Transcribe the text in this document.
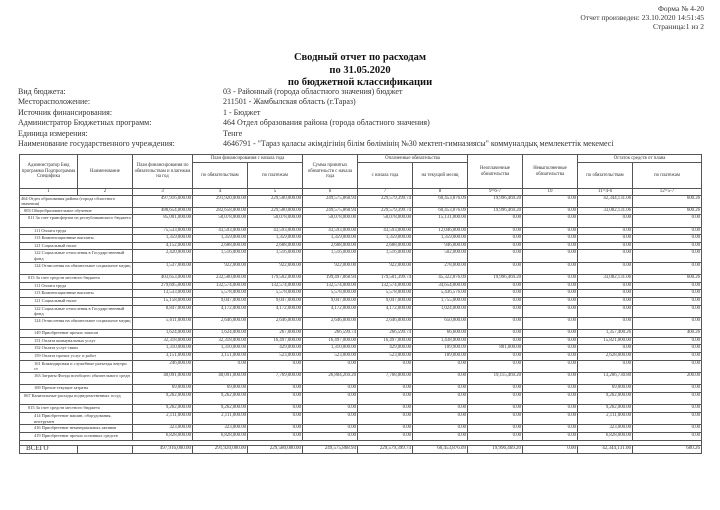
Форма № 4-20
Отчет произведен: 23.10.2020 14:51:45
Страница:1 из 2
Сводный отчет по расходам
по 31.05.2020
по бюджетной классификации
Вид бюджета:	03 - Районный (города областного значения) бюджет
Месторасположение:	211501 - Жамбылская область (г.Тараз)
Источник финансирования:	1 - Бюджет
Администратор Бюджетных программ:	464 Отдел образования района (города областного значения)
Единица измерения:	Тенге
Наименование государственного учреждения:	4646791 - "Тараз қаласы әкімдігінің білім бөлімінің №30 мектеп-гимназиясы" коммуналдық мемлекеттік мекемесі
Администратор Бюд программа Подпрограмма Спецификa	Наименование	План финансирования по обязательствам и платежам на год	План финансирования с начала года		Сумма принятых обязательств с начала года	Оплаченные обязательства		Неоплаченные обязательства	Невыполненные обязательства	Остаток средств от плана	
			по обязательствам	по платежам		с начала года	на текущий месяц			по обязательствам	по платежам
1	2	3	4	5	6	7	8	9=6-7	10	11=4-6	12=5-7
464 Отдел образования района (города областного значения)		497,916,000.00	291,920,000.00	229,580,000.00	249,575,868.94	229,579,399.74	60,453,876.09	19,996,469.20	0.00	42,344,131.06	600.26
003 Общеобразовательное обучение		488,654,000.00	282,658,000.00	229,580,000.00	249,575,868.94	229,579,399.74	60,453,876.09	19,996,469.20	0.00	33,082,131.06	600.26
011 За счет трансфертов из республиканского бюджета		85,001,000.00	50,078,000.00	50,078,000.00	50,078,000.00	50,078,000.00	15,131,000.00	0.00	0.00	0.00	0.00
111 Оплата труда		75,533,000.00	43,593,000.00	43,593,000.00	43,593,000.00	43,593,000.00	12,046,000.00	0.00	0.00	0.00	0.00
113 Компенсационные выплаты		1,359,000.00	1,359,000.00	1,359,000.00	1,359,000.00	1,359,000.00	1,359,000.00	0.00	0.00	0.00	0.00
121 Социальный налог		4,152,000.00	2,688,000.00	2,688,000.00	2,688,000.00	2,688,000.00	946,000.00	0.00	0.00	0.00	0.00
122 Социальные отчисления в Государственный фонд		2,420,000.00	1,516,000.00	1,516,000.00	1,516,000.00	1,516,000.00	502,000.00	0.00	0.00	0.00	0.00
124 Отчисления на обязательное социальное медиц		1,537,000.00	922,000.00	922,000.00	922,000.00	922,000.00	278,000.00	0.00	0.00	0.00	0.00
015 За счет средств местного бюджета		403,653,000.00	232,580,000.00	179,502,000.00	199,497,868.94	179,501,399.74	45,322,876.09	19,996,469.20	0.00	33,082,131.06	600.26
111 Оплата труда		279,695,000.00	132,574,000.00	132,574,000.00	132,574,000.00	132,574,000.00	34,654,000.00	0.00	0.00	0.00	0.00
113 Компенсационные выплаты		13,533,000.00	5,578,000.00	5,578,000.00	5,578,000.00	5,578,000.00	5,436,576.00	0.00	0.00	0.00	0.00
121 Социальный налог		15,158,000.00	9,047,000.00	9,047,000.00	9,047,000.00	9,047,000.00	1,755,000.00	0.00	0.00	0.00	0.00
122 Социальные отчисления в Государственный фонд		8,847,000.00	4,172,000.00	4,172,000.00	4,172,000.00	4,172,000.00	1,024,000.00	0.00	0.00	0.00	0.00
124 Отчисления на обязательное социальное медиц		5,611,000.00	2,646,000.00	2,646,000.00	2,646,000.00	2,646,000.00	650,000.00	0.00	0.00	0.00	0.00
149 Приобретение прочих запасов		1,624,000.00	1,624,000.00	267,000.00	266,599.74	266,599.74	66,600.00	0.00	0.00	1,357,400.26	400.26
151 Оплата коммунальных услуг		32,318,000.00	32,318,000.00	16,497,000.00	16,497,000.00	16,497,000.00	1,438,000.00	0.00	0.00	15,821,000.00	0.00
152 Оплата услуг связи		1,310,000.00	1,310,000.00	429,000.00	1,310,000.00	429,000.00	109,900.09	881,000.00	0.00	0.00	0.00
159 Оплата прочих услуг и работ		3,151,000.00	3,151,000.00	523,000.00	523,000.00	523,000.00	189,000.00	0.00	0.00	2,628,000.00	0.00
161 Командировки и служебные разъезды внутри ст		246,000.00	0.00	0.00	0.00	0.00	0.00	0.00	0.00	0.00	0.00
163 Затраты Фонда всеобщего обязательного средн		40,091,000.00	40,091,000.00	7,769,000.00	26,884,269.20	7,768,800.00	0.00	19,115,469.20	0.00	13,206,730.80	200.00
169 Прочие текущие затраты		69,000.00	69,000.00	0.00	0.00	0.00	0.00	0.00	0.00	69,000.00	0.00
067 Капитальные расходы подведомственных госуд		9,262,000.00	9,262,000.00	0.00	0.00	0.00	0.00	0.00	0.00	9,262,000.00	0.00
015 За счет средств местного бюджета		9,262,000.00	9,262,000.00	0.00	0.00	0.00	0.00	0.00	0.00	9,262,000.00	0.00
414 Приобретение машин, оборудования, инструмен		2,111,000.00	2,111,000.00	0.00	0.00	0.00	0.00	0.00	0.00	2,111,000.00	0.00
416 Приобретение нематериальных активов		323,000.00	323,000.00	0.00	0.00	0.00	0.00	0.00	0.00	323,000.00	0.00
419 Приобретение прочих основных средств		6,828,000.00	6,828,000.00	0.00	0.00	0.00	0.00	0.00	0.00	6,828,000.00	0.00

ВСЕГО		497,916,000.00	291,920,000.00	229,580,000.00	249,575,868.94	229,579,399.74	60,453,876.09	19,996,469.20	0.00	42,344,131.06	600.26
